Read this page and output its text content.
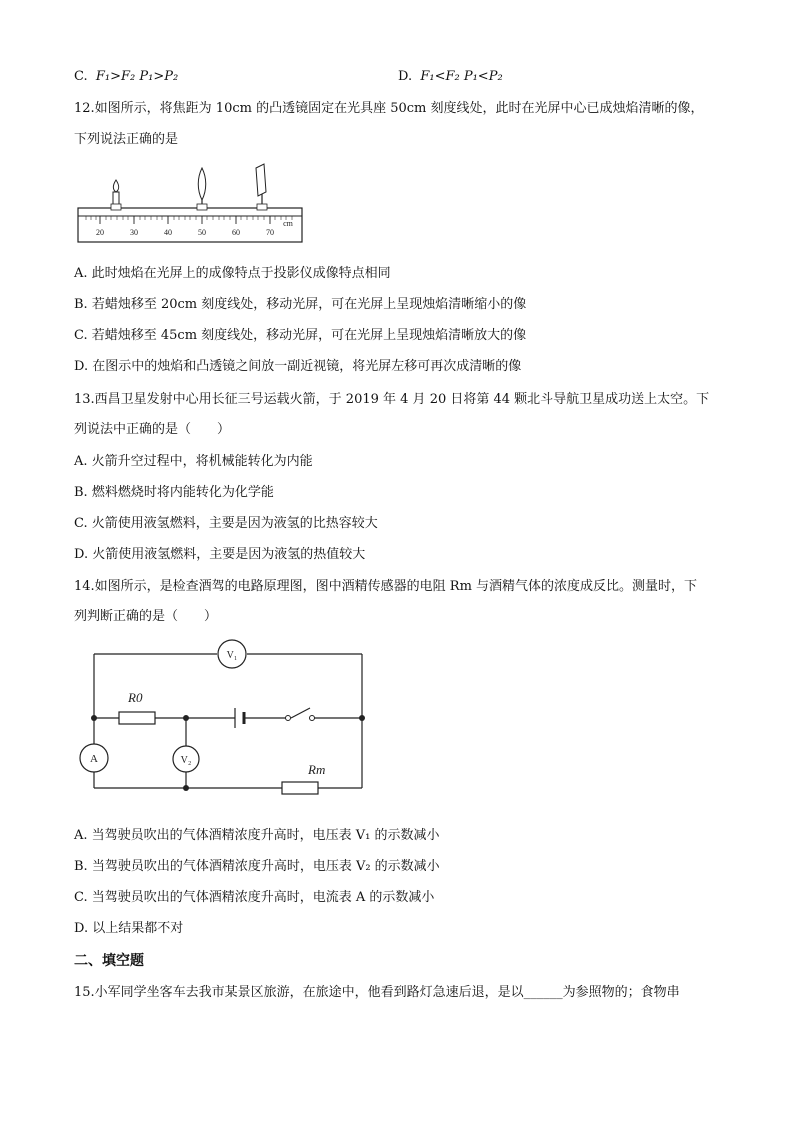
C. F₁>F₂ P₁>P₂	D. F₁<F₂ P₁<P₂
12.如图所示，将焦距为 10cm 的凸透镜固定在光具座 50cm 刻度线处，此时在光屏中心已成烛焰清晰的像，
下列说法正确的是
20	30	40	50	60	70
cm
A. 此时烛焰在光屏上的成像特点于投影仪成像特点相同
B. 若蜡烛移至 20cm 刻度线处，移动光屏，可在光屏上呈现烛焰清晰缩小的像
C. 若蜡烛移至 45cm 刻度线处，移动光屏，可在光屏上呈现烛焰清晰放大的像
D. 在图示中的烛焰和凸透镜之间放一副近视镜，将光屏左移可再次成清晰的像
13.西昌卫星发射中心用长征三号运载火箭，于 2019 年 4 月 20 日将第 44 颗北斗导航卫星成功送上太空。下
列说法中正确的是（　　）
A. 火箭升空过程中，将机械能转化为内能
B. 燃料燃烧时将内能转化为化学能
C. 火箭使用液氢燃料，主要是因为液氢的比热容较大
D. 火箭使用液氢燃料，主要是因为液氢的热值较大
14.如图所示，是检查酒驾的电路原理图，图中酒精传感器的电阻 Rm 与酒精气体的浓度成反比。测量时，下
列判断正确的是（　　）
R0
Rm
V₁
V₂
A
A. 当驾驶员吹出的气体酒精浓度升高时，电压表 V₁ 的示数减小
B. 当驾驶员吹出的气体酒精浓度升高时，电压表 V₂ 的示数减小
C. 当驾驶员吹出的气体酒精浓度升高时，电流表 A 的示数减小
D. 以上结果都不对
二、填空题
15.小军同学坐客车去我市某景区旅游，在旅途中，他看到路灯急速后退，是以______为参照物的；食物串
